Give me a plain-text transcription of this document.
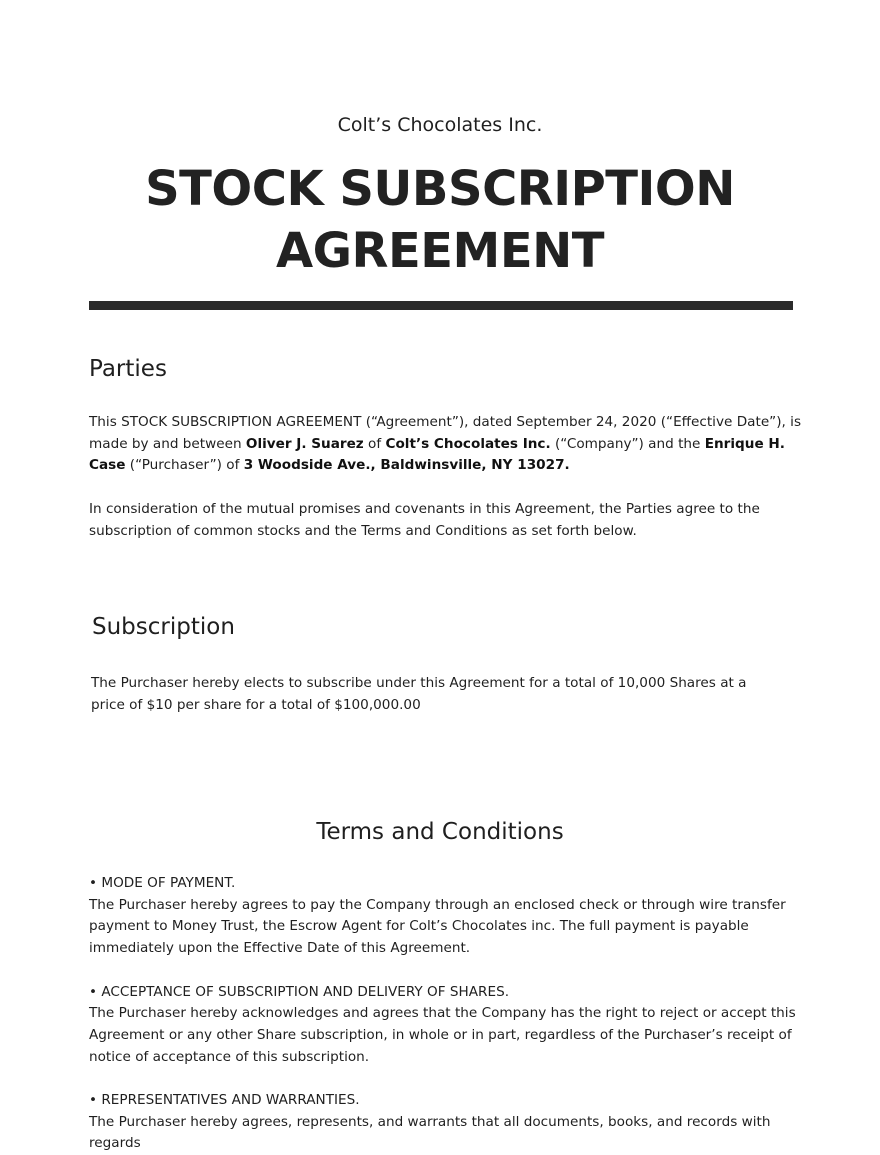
Colt’s Chocolates Inc.
STOCK SUBSCRIPTION
AGREEMENT
Parties

This STOCK SUBSCRIPTION AGREEMENT (“Agreement”), dated September 24, 2020 (“Effective Date”), is made by and between Oliver J. Suarez of Colt’s Chocolates Inc. (“Company”) and the Enrique H. Case (“Purchaser”) of 3 Woodside Ave., Baldwinsville, NY 13027.

In consideration of the mutual promises and covenants in this Agreement, the Parties agree to the subscription of common stocks and the Terms and Conditions as set forth below.

Subscription

The Purchaser hereby elects to subscribe under this Agreement for a total of 10,000 Shares at a price of $10 per share for a total of $100,000.00

Terms and Conditions
• MODE OF PAYMENT.
The Purchaser hereby agrees to pay the Company through an enclosed check or through wire transfer payment to Money Trust, the Escrow Agent for Colt’s Chocolates inc. The full payment is payable immediately upon the Effective Date of this Agreement.
• ACCEPTANCE OF SUBSCRIPTION AND DELIVERY OF SHARES.
The Purchaser hereby acknowledges and agrees that the Company has the right to reject or accept this Agreement or any other Share subscription, in whole or in part, regardless of the Purchaser’s receipt of notice of acceptance of this subscription.
• REPRESENTATIVES AND WARRANTIES.
The Purchaser hereby agrees, represents, and warrants that all documents, books, and records with regards
